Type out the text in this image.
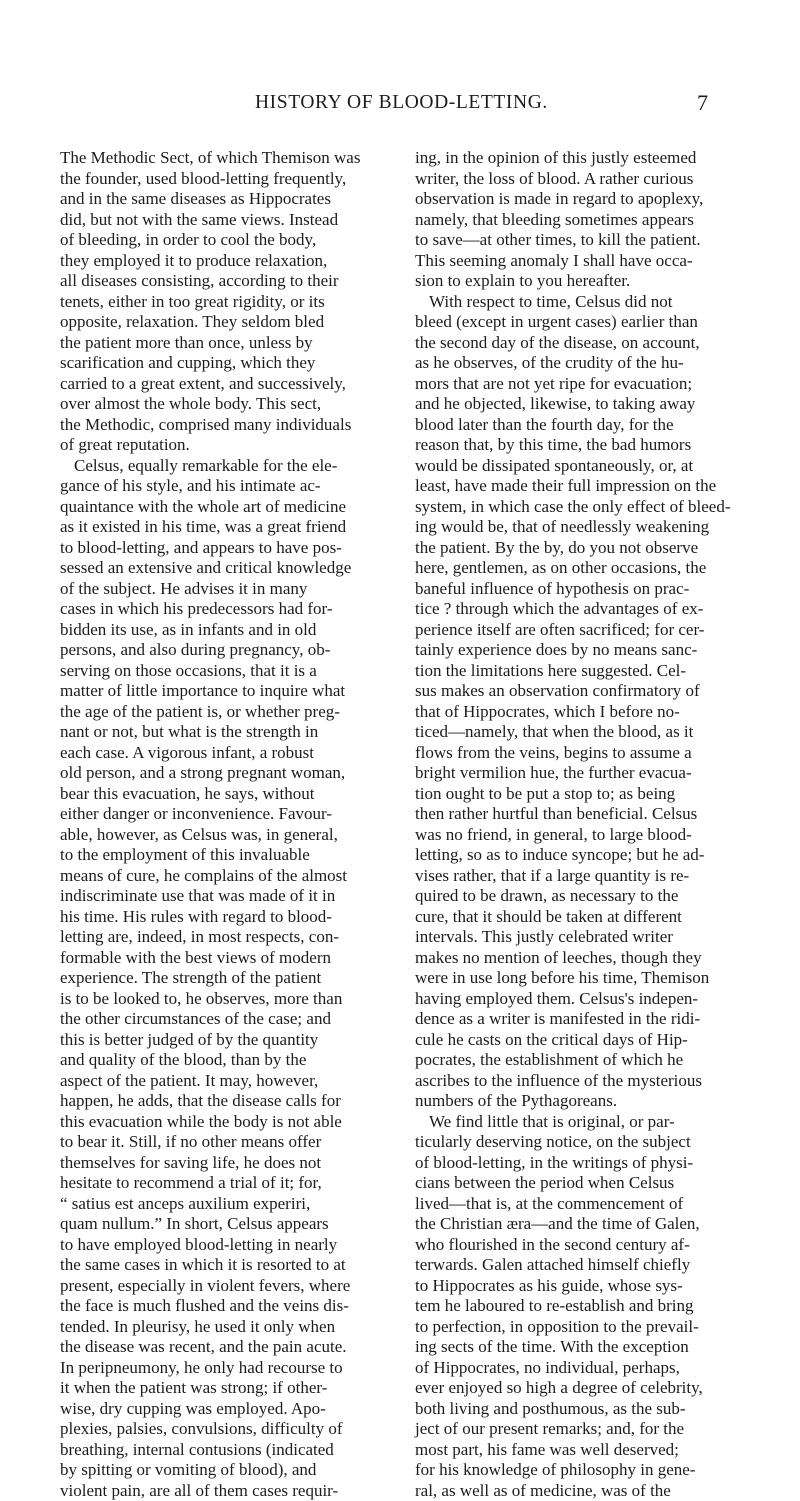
HISTORY OF BLOOD-LETTING.	7
The Methodic Sect, of which Themison was
the founder, used blood-letting frequently,
and in the same diseases as Hippocrates
did, but not with the same views. Instead
of bleeding, in order to cool the body,
they employed it to produce relaxation,
all diseases consisting, according to their
tenets, either in too great rigidity, or its
opposite, relaxation. They seldom bled
the patient more than once, unless by
scarification and cupping, which they
carried to a great extent, and successively,
over almost the whole body. This sect,
the Methodic, comprised many individuals
of great reputation.
Celsus, equally remarkable for the ele-
gance of his style, and his intimate ac-
quaintance with the whole art of medicine
as it existed in his time, was a great friend
to blood-letting, and appears to have pos-
sessed an extensive and critical knowledge
of the subject. He advises it in many
cases in which his predecessors had for-
bidden its use, as in infants and in old
persons, and also during pregnancy, ob-
serving on those occasions, that it is a
matter of little importance to inquire what
the age of the patient is, or whether preg-
nant or not, but what is the strength in
each case. A vigorous infant, a robust
old person, and a strong pregnant woman,
bear this evacuation, he says, without
either danger or inconvenience. Favour-
able, however, as Celsus was, in general,
to the employment of this invaluable
means of cure, he complains of the almost
indiscriminate use that was made of it in
his time. His rules with regard to blood-
letting are, indeed, in most respects, con-
formable with the best views of modern
experience. The strength of the patient
is to be looked to, he observes, more than
the other circumstances of the case; and
this is better judged of by the quantity
and quality of the blood, than by the
aspect of the patient. It may, however,
happen, he adds, that the disease calls for
this evacuation while the body is not able
to bear it. Still, if no other means offer
themselves for saving life, he does not
hesitate to recommend a trial of it; for,
“ satius est anceps auxilium experiri,
quam nullum.” In short, Celsus appears
to have employed blood-letting in nearly
the same cases in which it is resorted to at
present, especially in violent fevers, where
the face is much flushed and the veins dis-
tended. In pleurisy, he used it only when
the disease was recent, and the pain acute.
In peripneumony, he only had recourse to
it when the patient was strong; if other-
wise, dry cupping was employed. Apo-
plexies, palsies, convulsions, difficulty of
breathing, internal contusions (indicated
by spitting or vomiting of blood), and
violent pain, are all of them cases requir-
ing, in the opinion of this justly esteemed
writer, the loss of blood. A rather curious
observation is made in regard to apoplexy,
namely, that bleeding sometimes appears
to save—at other times, to kill the patient.
This seeming anomaly I shall have occa-
sion to explain to you hereafter.
With respect to time, Celsus did not
bleed (except in urgent cases) earlier than
the second day of the disease, on account,
as he observes, of the crudity of the hu-
mors that are not yet ripe for evacuation;
and he objected, likewise, to taking away
blood later than the fourth day, for the
reason that, by this time, the bad humors
would be dissipated spontaneously, or, at
least, have made their full impression on the
system, in which case the only effect of bleed-
ing would be, that of needlessly weakening
the patient. By the by, do you not observe
here, gentlemen, as on other occasions, the
baneful influence of hypothesis on prac-
tice ? through which the advantages of ex-
perience itself are often sacrificed; for cer-
tainly experience does by no means sanc-
tion the limitations here suggested. Cel-
sus makes an observation confirmatory of
that of Hippocrates, which I before no-
ticed—namely, that when the blood, as it
flows from the veins, begins to assume a
bright vermilion hue, the further evacua-
tion ought to be put a stop to; as being
then rather hurtful than beneficial. Celsus
was no friend, in general, to large blood-
letting, so as to induce syncope; but he ad-
vises rather, that if a large quantity is re-
quired to be drawn, as necessary to the
cure, that it should be taken at different
intervals. This justly celebrated writer
makes no mention of leeches, though they
were in use long before his time, Themison
having employed them. Celsus's indepen-
dence as a writer is manifested in the ridi-
cule he casts on the critical days of Hip-
pocrates, the establishment of which he
ascribes to the influence of the mysterious
numbers of the Pythagoreans.
We find little that is original, or par-
ticularly deserving notice, on the subject
of blood-letting, in the writings of physi-
cians between the period when Celsus
lived—that is, at the commencement of
the Christian æra—and the time of Galen,
who flourished in the second century af-
terwards. Galen attached himself chiefly
to Hippocrates as his guide, whose sys-
tem he laboured to re-establish and bring
to perfection, in opposition to the prevail-
ing sects of the time. With the exception
of Hippocrates, no individual, perhaps,
ever enjoyed so high a degree of celebrity,
both living and posthumous, as the sub-
ject of our present remarks; and, for the
most part, his fame was well deserved;
for his knowledge of philosophy in gene-
ral, as well as of medicine, was of the
